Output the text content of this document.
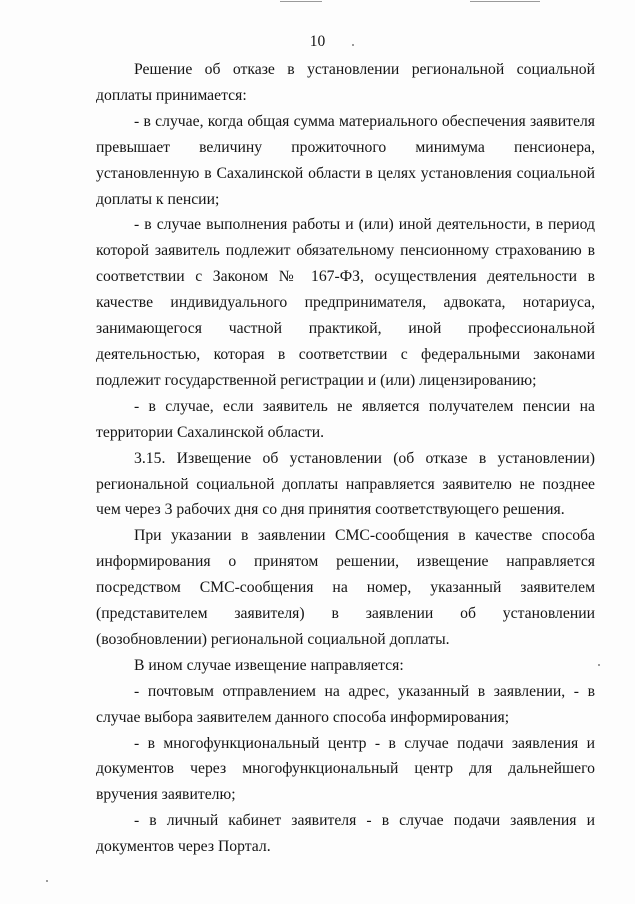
10

Решение об отказе в установлении региональной социальной доплаты принимается:

- в случае, когда общая сумма материального обеспечения заявителя превышает величину прожиточного минимума пенсионера, установленную в Сахалинской области в целях установления социальной доплаты к пенсии;

- в случае выполнения работы и (или) иной деятельности, в период которой заявитель подлежит обязательному пенсионному страхованию в соответствии с Законом № 167-ФЗ, осуществления деятельности в качестве индивидуального предпринимателя, адвоката, нотариуса, занимающегося частной практикой, иной профессиональной деятельностью, которая в соответствии с федеральными законами подлежит государственной регистрации и (или) лицензированию;

- в случае, если заявитель не является получателем пенсии на территории Сахалинской области.

3.15. Извещение об установлении (об отказе в установлении) региональной социальной доплаты направляется заявителю не позднее чем через 3 рабочих дня со дня принятия соответствующего решения.

При указании в заявлении СМС-сообщения в качестве способа информирования о принятом решении, извещение направляется посредством СМС-сообщения на номер, указанный заявителем (представителем заявителя) в заявлении об установлении (возобновлении) региональной социальной доплаты.

В ином случае извещение направляется:

- почтовым отправлением на адрес, указанный в заявлении, - в случае выбора заявителем данного способа информирования;

- в многофункциональный центр - в случае подачи заявления и документов через многофункциональный центр для дальнейшего вручения заявителю;

- в личный кабинет заявителя - в случае подачи заявления и документов через Портал.
